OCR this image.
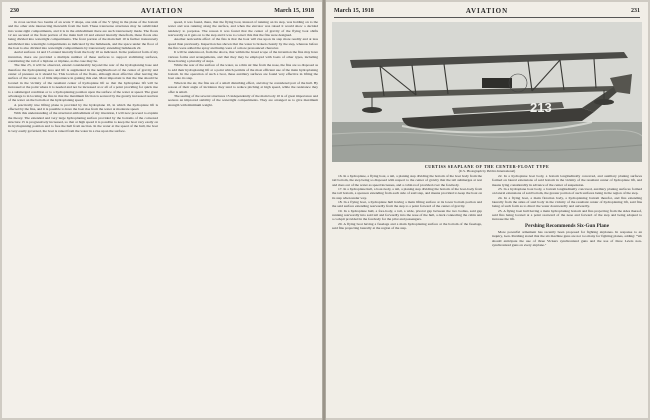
230	AVIATION	March 15, 1918

in cross section two beams of an acute V shape, one side of the V lying in the plane of the bottom and the other side intersecting therewith from the hull. These transverse structures may be subdivided into water-tight compartments, and it is in the embodiment there are such transversely made. The floats 12 are secured at the front portion of the main hull 10 and extend laterally therefrom, these floats also being divided into watertight compartments. The front portion of the main hull 10 is further transversely subdivided into watertight compartments as indicated by the bulkheads, and the space under the floor of the boat is also divided into watertight compartments by transversely extending bulkheads 22.

Aerial surfaces 14 and 15 extend laterally from the body 10 as indicated. In the preferred form of my invention, there are provided a multiple number of these surfaces to support stabilizing surfaces, constituting the rail of a biplane or triplane, as the case may be.

The line 25, it will be observed, extend considerably beyond the rear of the hydroplaning base and therefore the hydroplaning area and lift is augmented in the neighborhood of the center of gravity and center of pressure as it should be. This location of the floats, although most effective after leaving the surface of the water, is of little importance in gaining this end. Most important is that the line should be located in the vicinity of the resultant center of hydroplane lift so that the hydroplane lift will be increased at the point where it is needed and not be increased at or aft of a point providing for quick rise to a submerged condition or to a hydroplaning position upon the surface of the water at speed. The great advantage is in locating the fins in that the maximum friction is secured by the greatly increased reaction of the water on the bottom at the hydroplaning speed.

A practically true lifting plane is provided by the hydroplane 10, in which the hydroplane lift is effected by the fins, and it is possible to have the boat rise from the water at moderate speed.

With this understanding of the structural embodiment of my invention, I will now proceed to explain the theory. The extended and very large hydroplaning surface provided by the bottoms of the convexed structure 15 is progressively increased, so that at high speed it is possible to keep the boat very easily on its hydroplaning position and to free the hull from suction. In the water at the speed of the hull, the boat is very easily governed, the boat is raised from the water in a rise upon the surface.

speed, it was found, there, that the flying boat, instead of running on its step, was holding on to the water and was running along the surface, and when the elevator was raised it would show a decided tendency to porpoise. The reason it was found that the center of gravity of the flying boat shifts rearwardly as it gets on to the step and it was to correct this that the fins were designed.

Another noticeable effect of the fins is that the boat will rise upon its step more readily and at less speed than previously. Inspection has shown that the water is broken cleanly by the step, whereas before the fins were added the spray and hump were of a more pronounced character.

It will be understood, from the above, that within the broad scope of the invention the fins may have various forms and arrangements, and that they may be employed with boats of other types, including those having a plurality of steps.

While the rear of the surface of the water, as a thin air line from the nose, the fins are so disposed as to add their hydroplaning lift at a point which permits of the most efficient use of the main hydroplaning bottom. In the operation of such a boat, these auxiliary surfaces are found very effective in lifting the boat onto its step.

When in the air, the fins are of a small disturbing effect, and may be considered part of the hull. By reason of their angle of incidence they tend to reduce pitching at high speed, while the resistance they offer is small.

The sealing of the several structures 15 independently of the main body 10 is of great importance and secures an improved stability of the watertight compartments. They are arranged as to give maximum strength with minimum weight.

March 15, 1918	AVIATION	231
213
CURTISS SEAPLANE OF THE CENTER-FLOAT TYPE
(U.S. Photograph by Publics International)

16. In a hydroplane, a flying boat, a tail, a planing step dividing the bottom of the boat body from the tail bottom, the step being so disposed with respect to the center of gravity that the tail submerges at rest and rises out of the water as speed increases, and a cabin roof provided over the forebody.

17. In a hydroplane hull, a boat-body, a tail, a planing step dividing the bottom of the boat-body from the tail bottom, a sponson extending from each side of said step, and means provided to keep the boat on its step when under way.

18. In a flying boat, a hydroplane hull having a main lifting surface at its lower bottom portion and the said surface extending rearwardly from the step to a point forward of the center of gravity.

19. In a hydroplane hull, a fore-body, a tail, a wide, pivotal gap between the two bodies, said gap running rearwardly into said tail and forwardly into the nose of the hull, a deck connecting the cabin and a cockpit provided in the forebody for the pilot and passengers.

20. A flying boat having a fuselage and a main hydroplaning surface at the bottom of the fuselage, said fins projecting laterally at the region of the step.

22. In a hydroplane boat body, a bottom longitudinally concaved, and auxiliary planing surfaces formed on lateral extensions of said bottom in the vicinity of the resultant center of hydroplane lift, and means lying considerably in advance of the center of suspension.

23. In a hydroplane boat body, a bottom longitudinally concaved, auxiliary planing surfaces formed on lateral extensions of said bottom, the greater portion of such surfaces being in the region of the step.

24. In a flying boat, a main flotation body, a hydroplaning bottom therefor, and fins extending laterally from the sides of said body in the vicinity of the resultant center of hydroplaning lift, said fins being of such form as to direct the water downwardly and outwardly.

25. A flying boat hull having a main hydroplaning bottom and fins projecting from the sides thereof, said fins being located at a point rearward of the nose and forward of the step and being adapted to increase the lift.

Pershing Recommends Six-Gun Plane

More powerful armament has recently been proposed for fighting airplanes. In response to an inquiry, Gen. Pershing stated that the six machine guns are not too many for fighting planes, adding: "We should anticipate the use of three Vickers synchronized guns and the use of three Lewis non-synchronized guns on every airplane."
